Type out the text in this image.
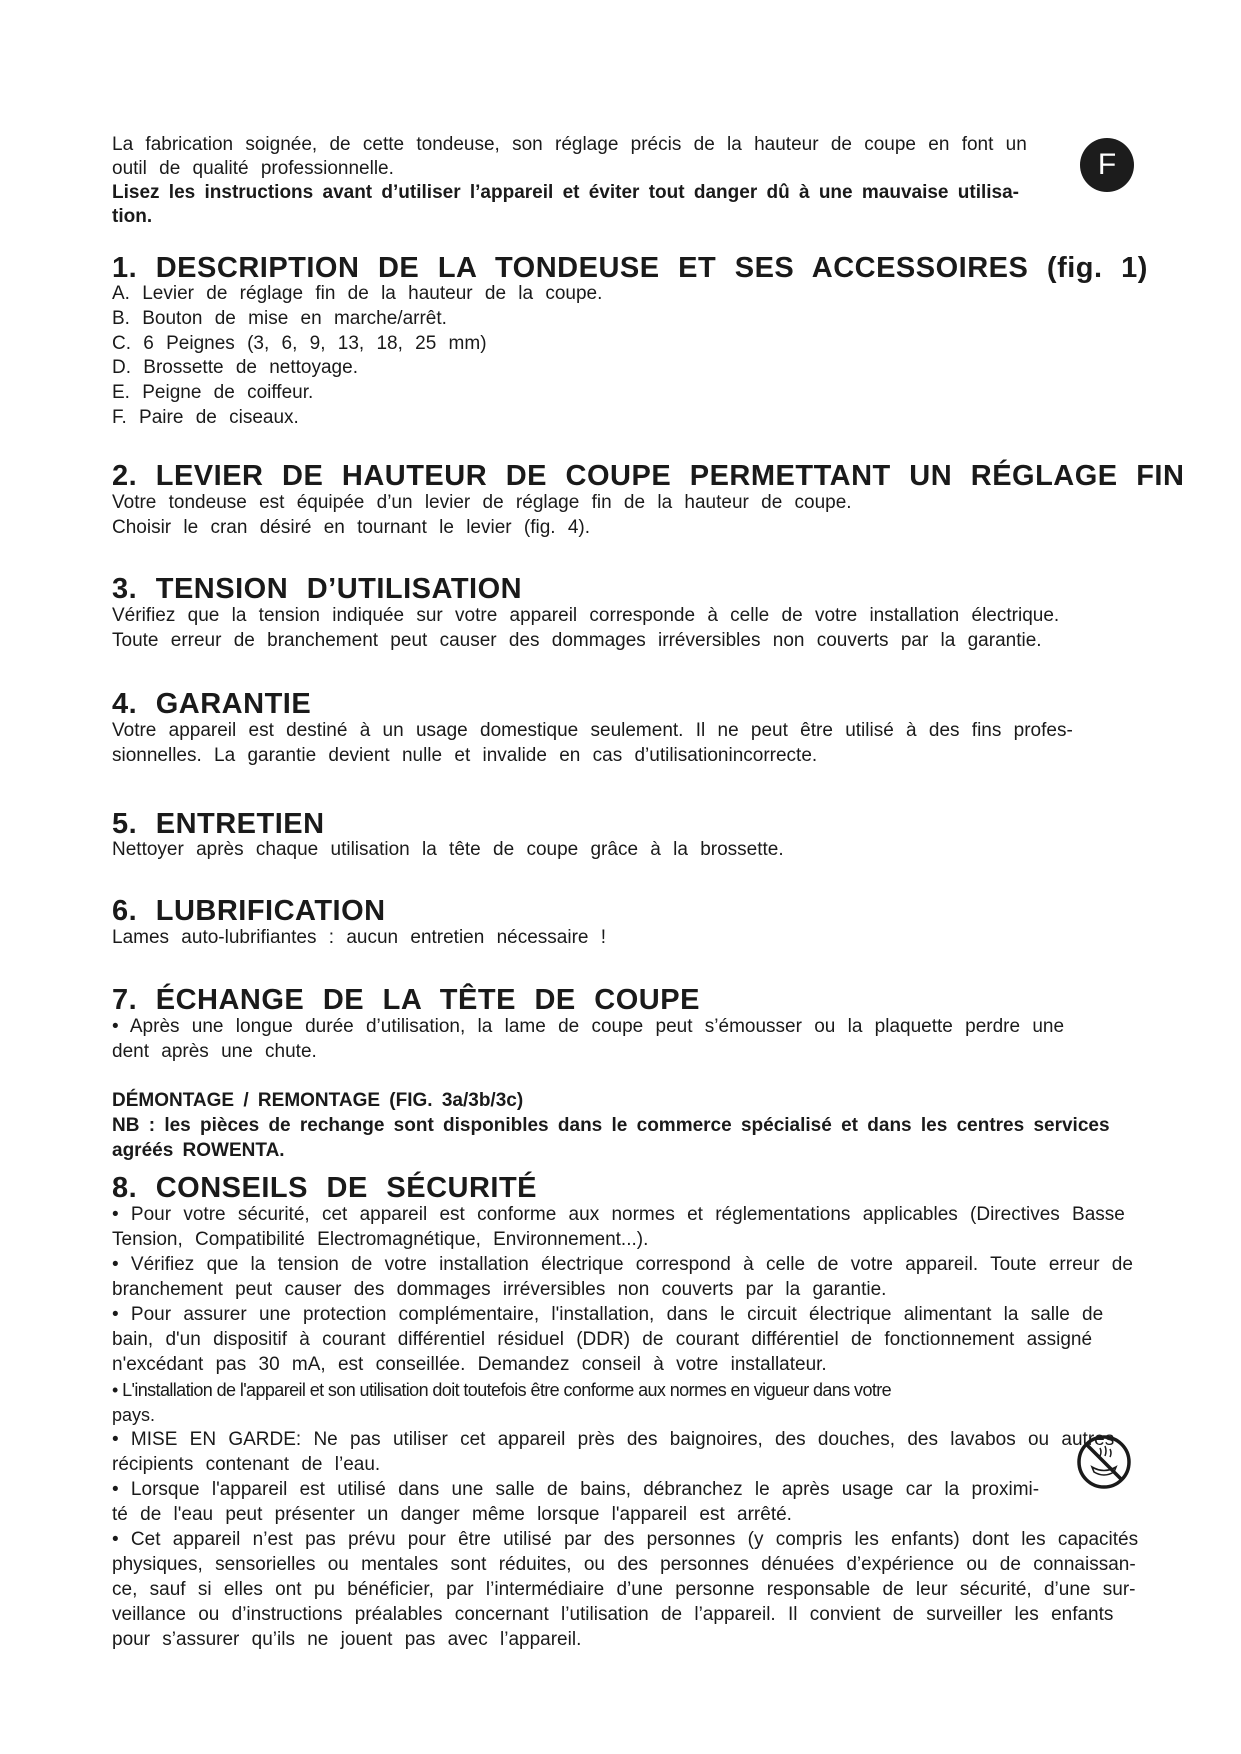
La fabrication soignée, de cette tondeuse, son réglage précis de la hauteur de coupe en font un

outil de qualité professionnelle.

Lisez les instructions avant d’utiliser l’appareil et éviter tout danger dû à une mauvaise utilisa-

tion.

1. DESCRIPTION DE LA TONDEUSE ET SES ACCESSOIRES (fig. 1)

A. Levier de réglage fin de la hauteur de la coupe.

B. Bouton de mise en marche/arrêt.

C. 6 Peignes (3, 6, 9, 13, 18, 25 mm)

D. Brossette de nettoyage.

E. Peigne de coiffeur.

F. Paire de ciseaux.

2. LEVIER DE HAUTEUR DE COUPE PERMETTANT UN RÉGLAGE FIN

Votre tondeuse est équipée d’un levier de réglage fin de la hauteur de coupe.

Choisir le cran désiré en tournant le levier (fig. 4).

3. TENSION D’UTILISATION

Vérifiez que la tension indiquée sur votre appareil corresponde à celle de votre installation électrique.

Toute erreur de branchement peut causer des dommages irréversibles non couverts par la garantie.

4. GARANTIE

Votre appareil est destiné à un usage domestique seulement. Il ne peut être utilisé à des fins profes-

sionnelles. La garantie devient nulle et invalide en cas d’utilisationincorrecte.

5. ENTRETIEN

Nettoyer après chaque utilisation la tête de coupe grâce à la brossette.

6. LUBRIFICATION

Lames auto-lubrifiantes : aucun entretien nécessaire !

7. ÉCHANGE DE LA TÊTE DE COUPE

• Après une longue durée d’utilisation, la lame de coupe peut s’émousser ou la plaquette perdre une

dent après une chute.

DÉMONTAGE / REMONTAGE (FIG. 3a/3b/3c)

NB : les pièces de rechange sont disponibles dans le commerce spécialisé et dans les centres services

agréés ROWENTA.

8. CONSEILS DE SÉCURITÉ

• Pour votre sécurité, cet appareil est conforme aux normes et réglementations applicables (Directives Basse

Tension, Compatibilité Electromagnétique, Environnement...).

• Vérifiez que la tension de votre installation électrique correspond à celle de votre appareil. Toute erreur de

branchement peut causer des dommages irréversibles non couverts par la garantie.

• Pour assurer une protection complémentaire, l'installation, dans le circuit électrique alimentant la salle de

bain, d'un dispositif à courant différentiel résiduel (DDR) de courant différentiel de fonctionnement assigné

n'excédant pas 30 mA, est conseillée. Demandez conseil à votre installateur.

• L'installation de l'appareil et son utilisation doit toutefois être conforme aux normes en vigueur dans votre

pays.

• MISE EN GARDE: Ne pas utiliser cet appareil près des baignoires, des douches, des lavabos ou autres

récipients contenant de l’eau.

• Lorsque l'appareil est utilisé dans une salle de bains, débranchez le après usage car la proximi-

té de l'eau peut présenter un danger même lorsque l'appareil est arrêté.

• Cet appareil n’est pas prévu pour être utilisé par des personnes (y compris les enfants) dont les capacités

physiques, sensorielles ou mentales sont réduites, ou des personnes dénuées d’expérience ou de connaissan-

ce, sauf si elles ont pu bénéficier, par l’intermédiaire d’une personne responsable de leur sécurité, d’une sur-

veillance ou d’instructions préalables concernant l’utilisation de l’appareil. Il convient de surveiller les enfants

pour s’assurer qu’ils ne jouent pas avec l’appareil.

F
